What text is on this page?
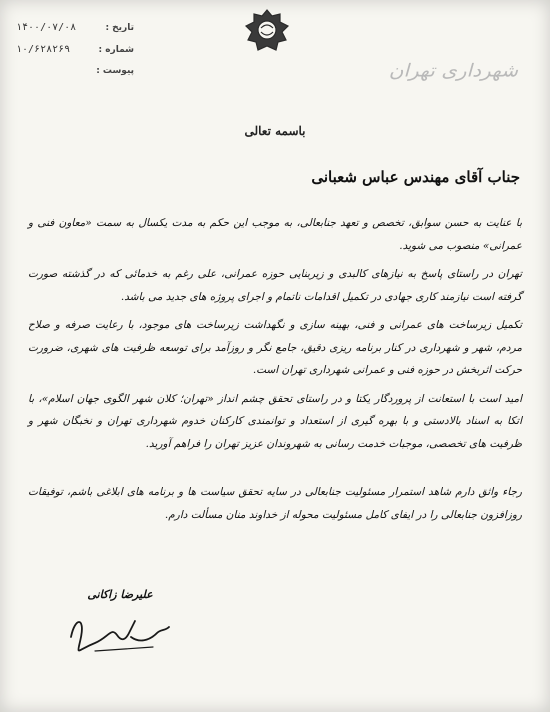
۱۴۰۰/۰۷/۰۸	تاریخ :
۱۰/۶۲۸۲۶۹	شماره :
پیوست :	شهرداری تهران
باسمه تعالی
جناب آقای مهندس عباس شعبانی

با عنایت به حسن سوابق، تخصص و تعهد جنابعالی، به موجب این حکم به مدت یکسال به سمت «معاون فنی و عمرانی» منصوب می شوید.

تهران در راستای پاسخ به نیازهای کالبدی و زیربنایی حوزه عمرانی، علی رغم به خدمائی که در گذشته صورت گرفته است نیازمند کاری جهادی در تکمیل اقدامات ناتمام و اجرای پروژه های جدید می باشد.

تکمیل زیرساخت های عمرانی و فنی، بهینه سازی و نگهداشت زیرساخت های موجود، با رعایت صرفه و صلاح مردم، شهر و شهرداری در کنار برنامه ریزی دقیق، جامع نگر و روزآمد برای توسعه ظرفیت های شهری، ضرورت حرکت اثربخش در حوزه فنی و عمرانی شهرداری تهران است.

امید است با استعانت از پروردگار یکتا و در راستای تحقق چشم انداز «تهران؛ کلان شهر الگوی جهان اسلام»، با اتکا به اسناد بالادستی و با بهره گیری از استعداد و توانمندی کارکنان خدوم شهرداری تهران و نخبگان شهر و ظرفیت های تخصصی، موجبات خدمت رسانی به شهروندان عزیز تهران را فراهم آورید.

رجاء واثق دارم شاهد استمرار مسئولیت جنابعالی در سایه تحقق سیاست ها و برنامه های ابلاغی باشم، توفیقات روزافزون جنابعالی را در ایفای کامل مسئولیت محوله از خداوند منان مسألت دارم.

علیرضا زاکانی
